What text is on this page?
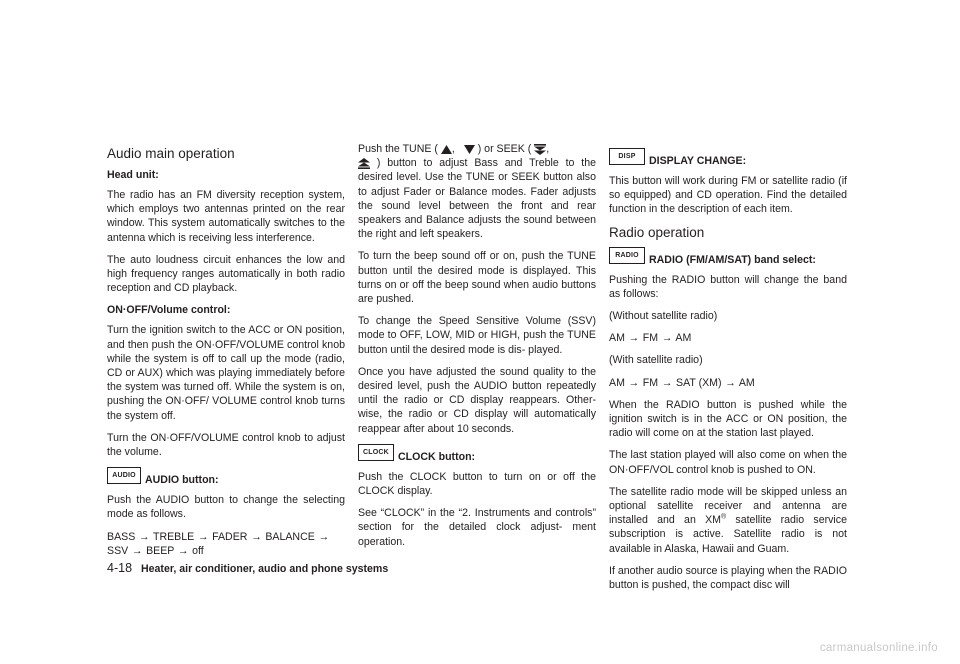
Audio main operation
Head unit:

The radio has an FM diversity reception system, which employs two antennas printed on the rear window. This system automatically switches to the antenna which is receiving less interference.

The auto loudness circuit enhances the low and high frequency ranges automatically in both radio reception and CD playback.

ON·OFF/Volume control:

Turn the ignition switch to the ACC or ON position, and then push the ON·OFF/VOLUME control knob while the system is off to call up the mode (radio, CD or AUX) which was playing immediately before the system was turned off. While the system is on, pushing the ON·OFF/ VOLUME control knob turns the system off.

Turn the ON·OFF/VOLUME control knob to adjust the volume.

AUDIO AUDIO button:

Push the AUDIO button to change the selecting mode as follows.

BASS → TREBLE → FADER → BALANCE →
SSV → BEEP → off

Push the TUNE ( , ) or SEEK ( ,
) button to adjust Bass and Treble to the desired level. Use the TUNE or SEEK button also to adjust Fader or Balance modes. Fader adjusts the sound level between the front and rear speakers and Balance adjusts the sound between the right and left speakers.

To turn the beep sound off or on, push the TUNE button until the desired mode is displayed. This turns on or off the beep sound when audio buttons are pushed.

To change the Speed Sensitive Volume (SSV) mode to OFF, LOW, MID or HIGH, push the TUNE button until the desired mode is dis- played.

Once you have adjusted the sound quality to the desired level, push the AUDIO button repeatedly until the radio or CD display reappears. Other- wise, the radio or CD display will automatically reappear after about 10 seconds.

CLOCK CLOCK button:

Push the CLOCK button to turn on or off the CLOCK display.

See “CLOCK” in the “2. Instruments and controls” section for the detailed clock adjust- ment operation.

DISP	DISPLAY CHANGE:

This button will work during FM or satellite radio (if so equipped) and CD operation. Find the detailed function in the description of each item.

Radio operation
RADIO RADIO (FM/AM/SAT) band select:

Pushing the RADIO button will change the band as follows:

(Without satellite radio)

AM → FM → AM

(With satellite radio)

AM → FM → SAT (XM) → AM

When the RADIO button is pushed while the ignition switch is in the ACC or ON position, the radio will come on at the station last played.

The last station played will also come on when the ON·OFF/VOL control knob is pushed to ON.

The satellite radio mode will be skipped unless an optional satellite receiver and antenna are installed and an XM® satellite radio service subscription is active. Satellite radio is not available in Alaska, Hawaii and Guam.

If another audio source is playing when the RADIO button is pushed, the compact disc will

4-18 Heater, air conditioner, audio and phone systems
carmanualsonline.info
